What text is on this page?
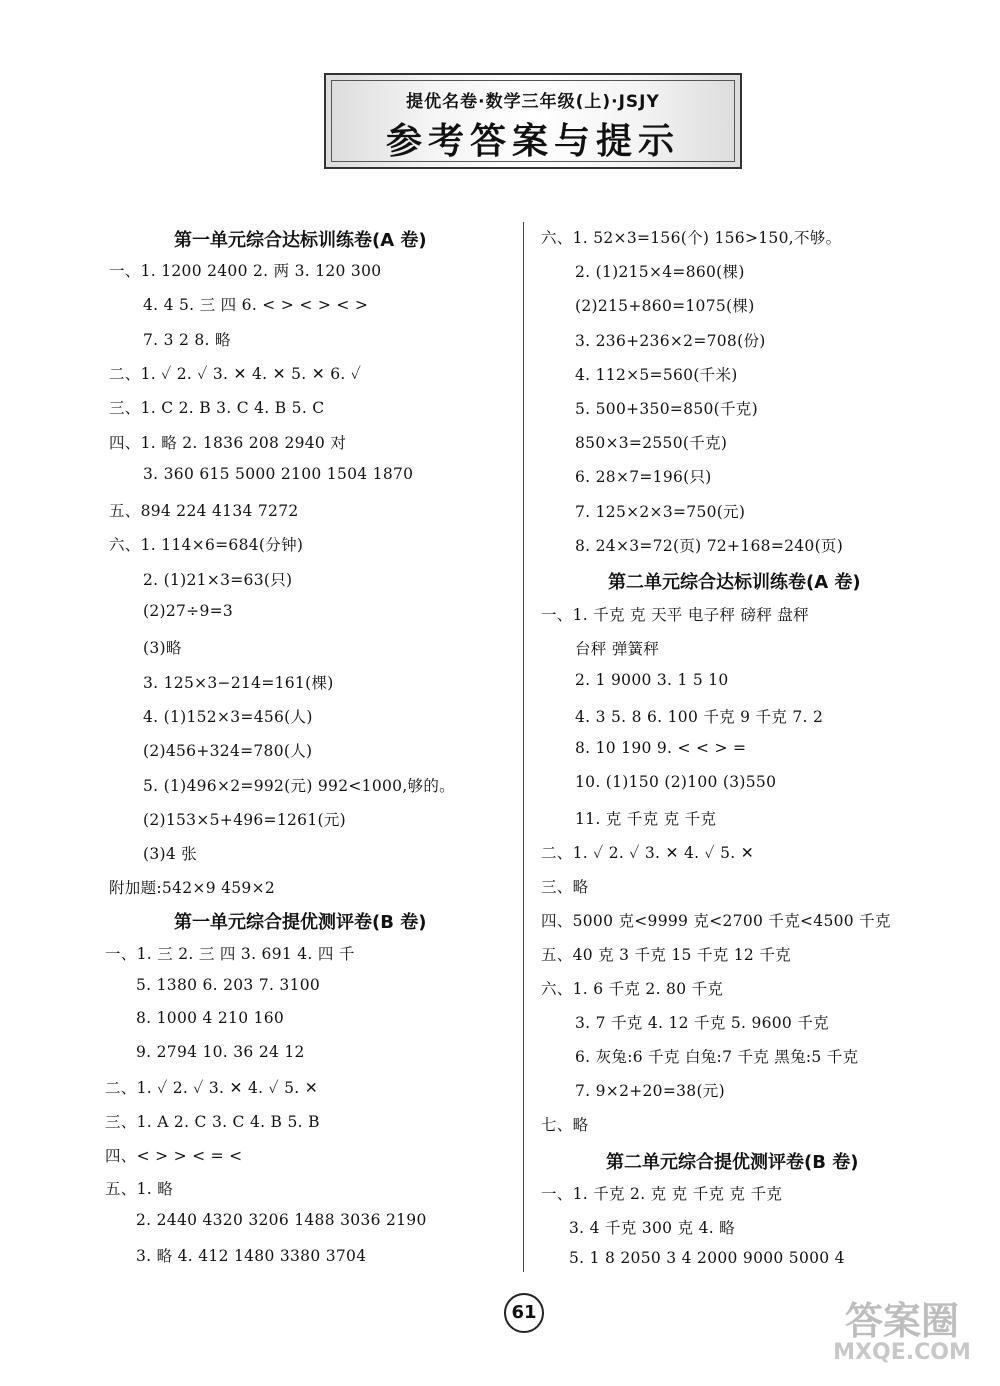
提优名卷·数学三年级(上)·JSJY
参考答案与提示
第一单元综合达标训练卷(A 卷)
一、1. 1200 2400 2. 两 3. 120 300
4. 4 5. 三 四 6. < > < > < >
7. 3 2 8. 略
二、1. ✓ 2. ✓ 3. ✕ 4. ✕ 5. ✕ 6. ✓
三、1. C 2. B 3. C 4. B 5. C
四、1. 略 2. 1836 208 2940 对
3. 360 615 5000 2100 1504 1870
五、894 224 4134 7272
六、1. 114×6=684(分钟)
2. (1)21×3=63(只)
(2)27÷9=3
(3)略
3. 125×3−214=161(棵)
4. (1)152×3=456(人)
(2)456+324=780(人)
5. (1)496×2=992(元) 992<1000,够的。
(2)153×5+496=1261(元)
(3)4 张
附加题:542×9 459×2
第一单元综合提优测评卷(B 卷)
一、1. 三 2. 三 四 3. 691 4. 四 千
5. 1380 6. 203 7. 3100
8. 1000 4 210 160
9. 2794 10. 36 24 12
二、1. ✓ 2. ✓ 3. ✕ 4. ✓ 5. ✕
三、1. A 2. C 3. C 4. B 5. B
四、< > > < = <
五、1. 略
2. 2440 4320 3206 1488 3036 2190
3. 略 4. 412 1480 3380 3704
六、1. 52×3=156(个) 156>150,不够。
2. (1)215×4=860(棵)
(2)215+860=1075(棵)
3. 236+236×2=708(份)
4. 112×5=560(千米)
5. 500+350=850(千克)
850×3=2550(千克)
6. 28×7=196(只)
7. 125×2×3=750(元)
8. 24×3=72(页) 72+168=240(页)
第二单元综合达标训练卷(A 卷)
一、1. 千克 克 天平 电子秤 磅秤 盘秤
台秤 弹簧秤
2. 1 9000 3. 1 5 10
4. 3 5. 8 6. 100 千克 9 千克 7. 2
8. 10 190 9. < < > =
10. (1)150 (2)100 (3)550
11. 克 千克 克 千克
二、1. ✓ 2. ✓ 3. ✕ 4. ✓ 5. ✕
三、略
四、5000 克<9999 克<2700 千克<4500 千克
五、40 克 3 千克 15 千克 12 千克
六、1. 6 千克 2. 80 千克
3. 7 千克 4. 12 千克 5. 9600 千克
6. 灰兔:6 千克 白兔:7 千克 黑兔:5 千克
7. 9×2+20=38(元)
七、略
第二单元综合提优测评卷(B 卷)
一、1. 千克 2. 克 克 千克 克 千克
3. 4 千克 300 克 4. 略
5. 1 8 2050 3 4 2000 9000 5000 4
61	答案圈
MXQE.COM
